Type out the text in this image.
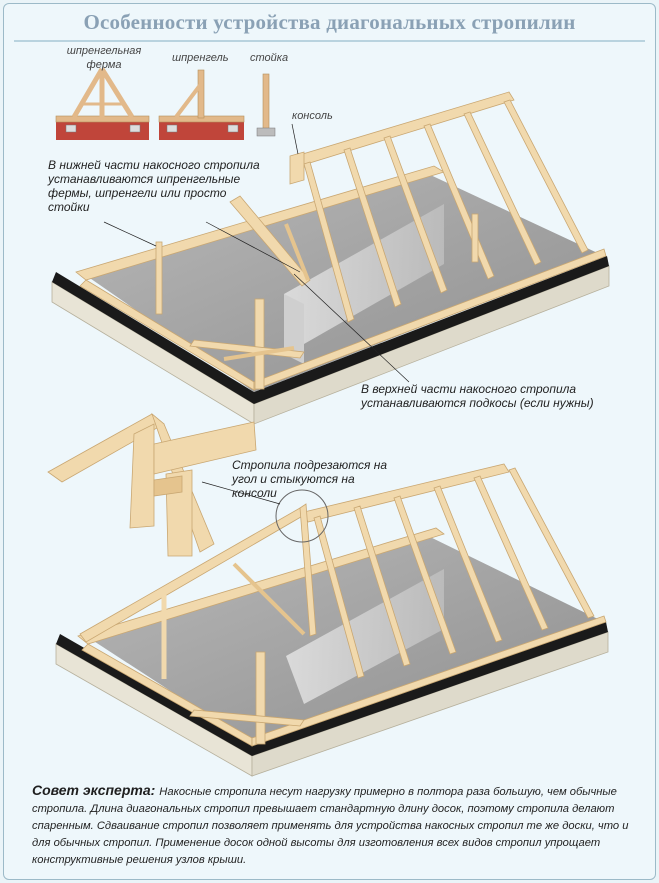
Особенности устройства диагональных стропилин
шпренгельная ферма
шпренгель стойка
консоль
В нижней части накосного стропила устанавливаются шпренгельные фермы, шпренгели или просто стойки
В верхней части накосного стропила устанавливаются подкосы (если нужны)
Стропила подрезаются на угол и стыкуются на консоли
Совет эксперта: Накосные стропила несут нагрузку примерно в полтора раза большую, чем обычные стропила. Длина диагональных стропил превышает стандартную длину досок, поэтому стропила делают спаренным. Сдваивание стропил позволяет применять для устройства накосных стропил те же доски, что и для обычных стропил. Применение досок одной высоты для изготовления всех видов стропил упрощает конструктивные решения узлов крыши.
